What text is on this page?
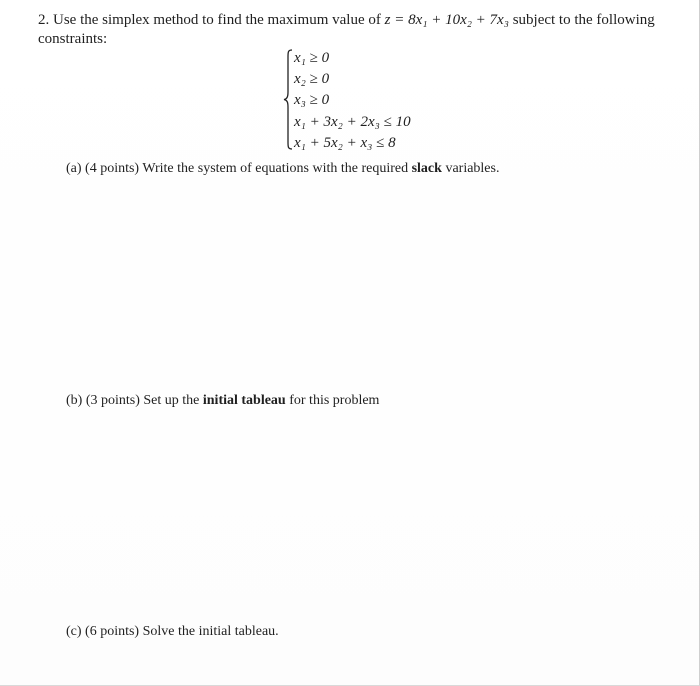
2. Use the simplex method to find the maximum value of z = 8x₁ + 10x₂ + 7x₃ subject to the following
constraints:
x₁ ≥ 0
x₂ ≥ 0
x₃ ≥ 0
x₁ + 3x₂ + 2x₃ ≤ 10
x₁ + 5x₂ + x₃ ≤ 8
(a) (4 points) Write the system of equations with the required slack variables.
(b) (3 points) Set up the initial tableau for this problem
(c) (6 points) Solve the initial tableau.
